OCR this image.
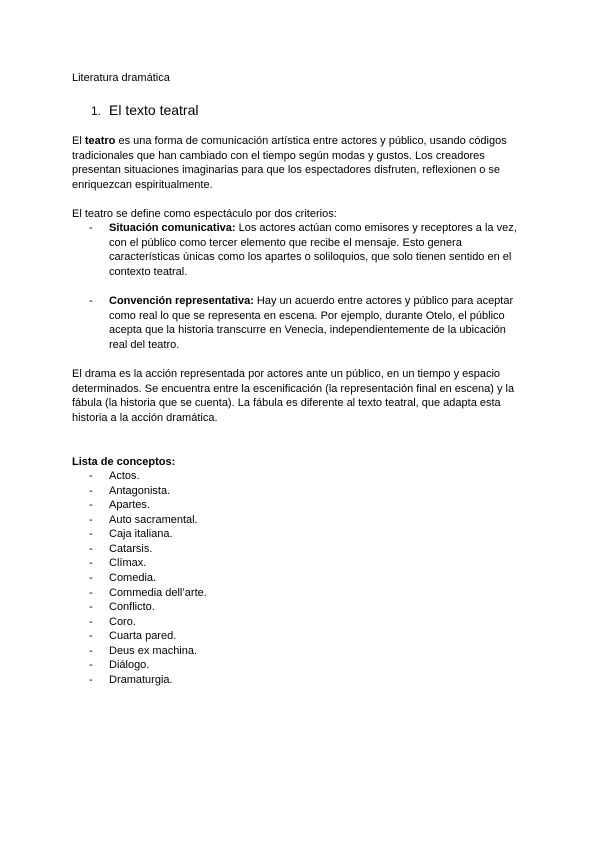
Literatura dramática
1. El texto teatral
El teatro es una forma de comunicación artística entre actores y público, usando códigos
tradicionales que han cambiado con el tiempo según modas y gustos. Los creadores
presentan situaciones imaginarias para que los espectadores disfruten, reflexionen o se
enriquezcan espiritualmente.
El teatro se define como espectáculo por dos criterios:
- Situación comunicativa: Los actores actúan como emisores y receptores a la vez,
con el público como tercer elemento que recibe el mensaje. Esto genera
características únicas como los apartes o soliloquios, que solo tienen sentido en el
contexto teatral.
- Convención representativa: Hay un acuerdo entre actores y público para aceptar
como real lo que se representa en escena. Por ejemplo, durante Otelo, el público
acepta que la historia transcurre en Venecia, independientemente de la ubicación
real del teatro.
El drama es la acción representada por actores ante un público, en un tiempo y espacio
determinados. Se encuentra entre la escenificación (la representación final en escena) y la
fábula (la historia que se cuenta). La fábula es diferente al texto teatral, que adapta esta
historia a la acción dramática.
Lista de conceptos:
- Actos.
- Antagonista.
- Apartes.
- Auto sacramental.
- Caja italiana.
- Catarsis.
- Clímax.
- Comedia.
- Commedia dell’arte.
- Conflicto.
- Coro.
- Cuarta pared.
- Deus ex machina.
- Diálogo.
- Dramaturgia.
